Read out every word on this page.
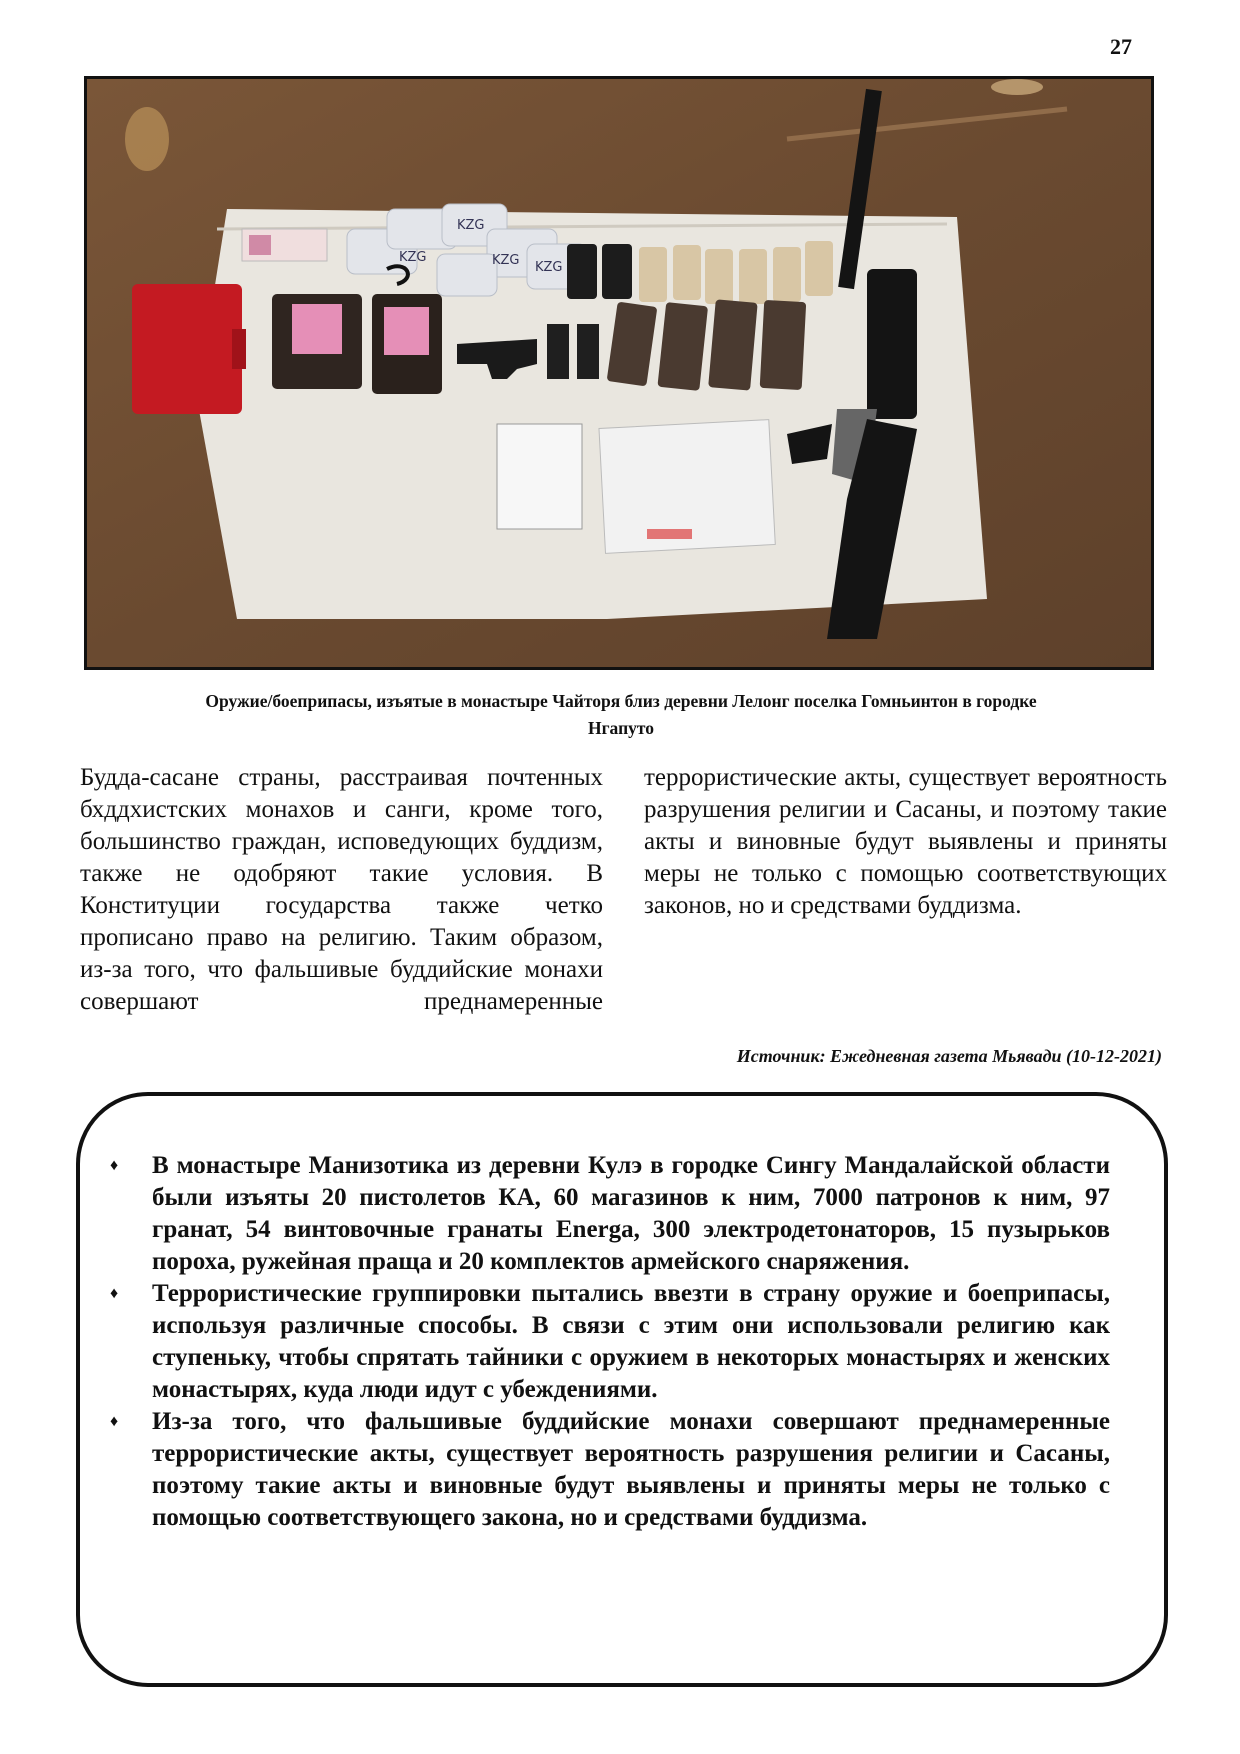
27
KZG
KZG
KZG KZG
Оружие/боеприпасы, изъятые в монастыре Чайторя близ деревни Лелонг поселка Гомньинтон в городке
Нгапуто
Будда-сасане страны, расстраивая почтенных бхддхистских монахов и санги, кроме того, большинство граждан, исповедующих буддизм, также не одобряют такие условия. В Конституции государства также четко прописано право на религию. Таким образом, из-за того, что фальшивые буддийские монахи совершают преднамеренные
террористические акты, существует вероятность разрушения религии и Сасаны, и поэтому такие акты и виновные будут выявлены и приняты меры не только с помощью соответствующих законов, но и средствами буддизма.
Источник: Ежедневная газета Мьявади (10-12-2021)
♦ В монастыре Манизотика из деревни Кулэ в городке Сингу Мандалайской области были изъяты 20 пистолетов КА, 60 магазинов к ним, 7000 патронов к ним, 97 гранат, 54 винтовочные гранаты Energa, 300 электродетонаторов, 15 пузырьков пороха, ружейная праща и 20 комплектов армейского снаряжения.
♦ Террористические группировки пытались ввезти в страну оружие и боеприпасы, используя различные способы. В связи с этим они использовали религию как ступеньку, чтобы спрятать тайники с оружием в некоторых монастырях и женских монастырях, куда люди идут с убеждениями.
♦ Из-за того, что фальшивые буддийские монахи совершают преднамеренные террористические акты, существует вероятность разрушения религии и Сасаны, поэтому такие акты и виновные будут выявлены и приняты меры не только с помощью соответствующего закона, но и средствами буддизма.
